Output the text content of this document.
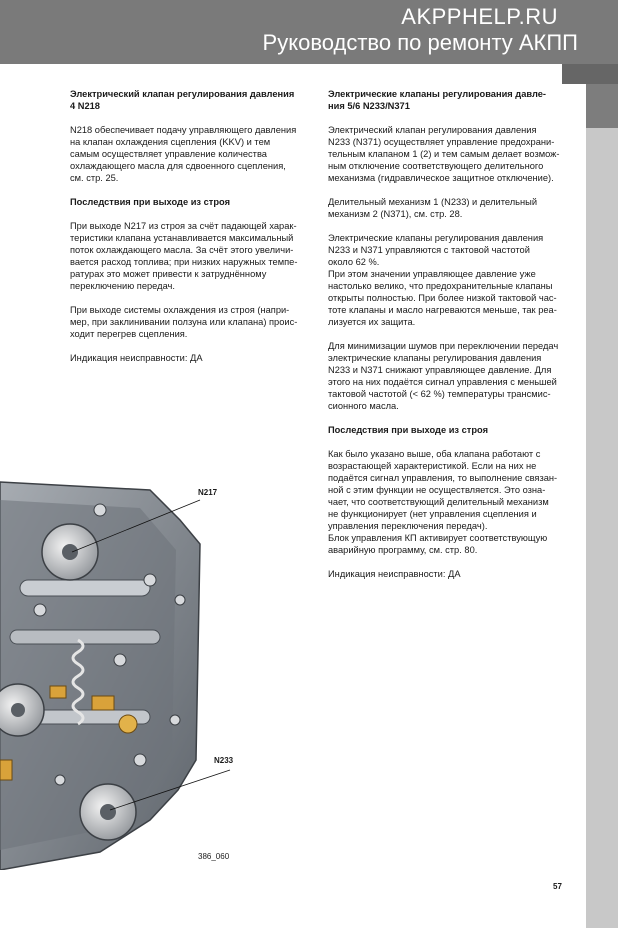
AKPPHELP.RU
Руководство по ремонту АКПП
Электрический клапан регулирования давления
4 N218

N218 обеспечивает подачу управляющего давления
на клапан охлаждения сцепления (KKV) и тем
самым осуществляет управление количества
охлаждающего масла для сдвоенного сцепления,
см. стр. 25.

Последствия при выходе из строя

При выходе N217 из строя за счёт падающей харак-
теристики клапана устанавливается максимальный
поток охлаждающего масла. За счёт этого увеличи-
вается расход топлива; при низких наружных темпе-
ратурах это может привести к затруднённому
переключению передач.

При выходе системы охлаждения из строя (напри-
мер, при заклинивании ползуна или клапана) проис-
ходит перегрев сцепления.

Индикация неисправности: ДА

Электрические клапаны регулирования давле-
ния 5/6 N233/N371

Электрический клапан регулирования давления
N233 (N371) осуществляет управление предохрани-
тельным клапаном 1 (2) и тем самым делает возмож-
ным отключение соответствующего делительного
механизма (гидравлическое защитное отключение).

Делительный механизм 1 (N233) и делительный
механизм 2 (N371), см. стр. 28.

Электрические клапаны регулирования давления
N233 и N371 управляются с тактовой частотой
около 62 %.
При этом значении управляющее давление уже
настолько велико, что предохранительные клапаны
открыты полностью. При более низкой тактовой час-
тоте клапаны и масло нагреваются меньше, так реа-
лизуется их защита.

Для минимизации шумов при переключении передач
электрические клапаны регулирования давления
N233 и N371 снижают управляющее давление. Для
этого на них подаётся сигнал управления с меньшей
тактовой частотой (< 62 %) температуры трансмис-
сионного масла.

Последствия при выходе из строя

Как было указано выше, оба клапана работают с
возрастающей характеристикой. Если на них не
подаётся сигнал управления, то выполнение связан-
ной с этим функции не осуществляется. Это озна-
чает, что соответствующий делительный механизм
не функционирует (нет управления сцепления и
управления переключения передач).
Блок управления КП активирует соответствующую
аварийную программу, см. стр. 80.

Индикация неисправности: ДА

N217
N233
386_060
57
